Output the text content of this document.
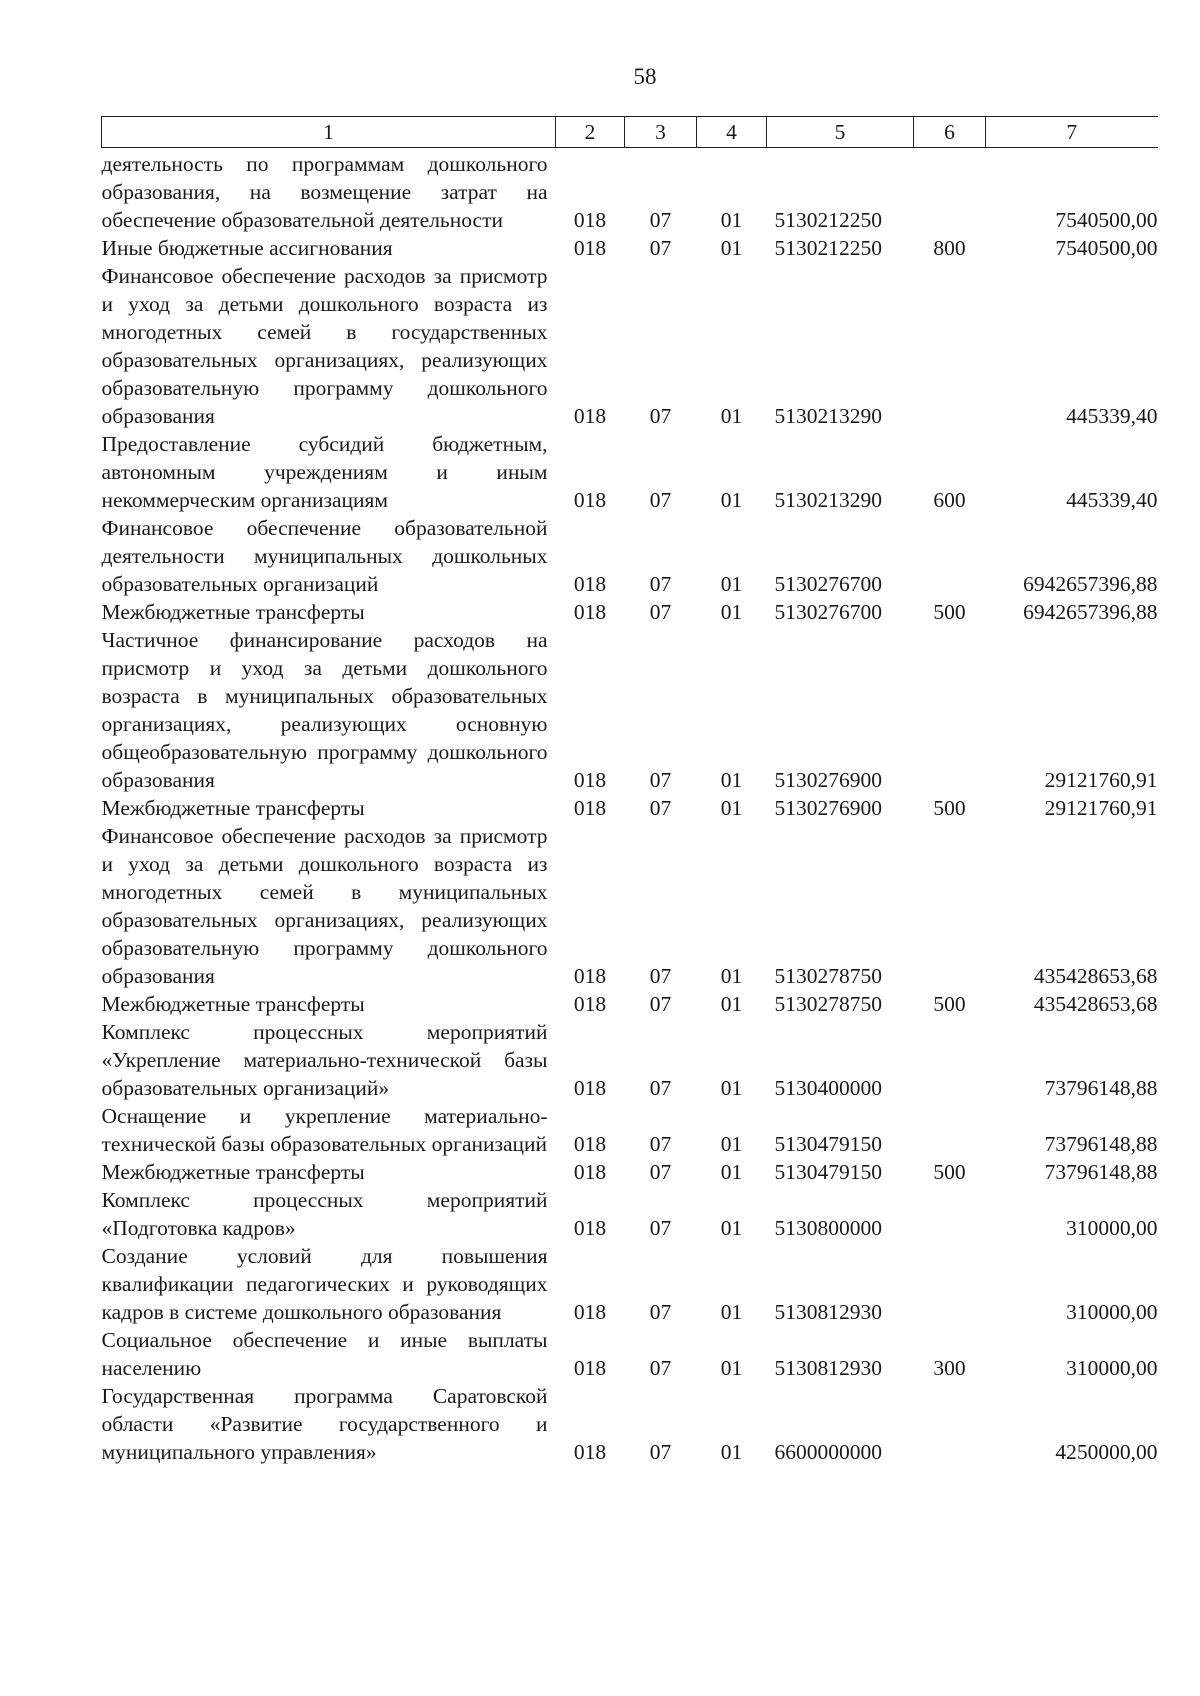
58
1	2	3	4	5	6	7
деятельность по программам дошкольного образования, на возмещение затрат на обеспечение образовательной деятельности	018	07	01	5130212250		7540500,00
Иные бюджетные ассигнования	018	07	01	5130212250	800	7540500,00
Финансовое обеспечение расходов за присмотр и уход за детьми дошкольного возраста из многодетных семей в государственных образовательных организациях, реализующих образовательную программу дошкольного образования	018	07	01	5130213290		445339,40
Предоставление субсидий бюджетным, автономным учреждениям и иным некоммерческим организациям	018	07	01	5130213290	600	445339,40
Финансовое обеспечение образовательной деятельности муниципальных дошкольных образовательных организаций	018	07	01	5130276700		6942657396,88
Межбюджетные трансферты	018	07	01	5130276700	500	6942657396,88
Частичное финансирование расходов на присмотр и уход за детьми дошкольного возраста в муниципальных образовательных организациях, реализующих основную общеобразовательную программу дошкольного образования	018	07	01	5130276900		29121760,91
Межбюджетные трансферты	018	07	01	5130276900	500	29121760,91
Финансовое обеспечение расходов за присмотр и уход за детьми дошкольного возраста из многодетных семей в муниципальных образовательных организациях, реализующих образовательную программу дошкольного образования	018	07	01	5130278750		435428653,68
Межбюджетные трансферты	018	07	01	5130278750	500	435428653,68
Комплекс процессных мероприятий «Укрепление материально-технической базы образовательных организаций»	018	07	01	5130400000		73796148,88
Оснащение и укрепление материально-технической базы образовательных организаций	018	07	01	5130479150		73796148,88
Межбюджетные трансферты	018	07	01	5130479150	500	73796148,88
Комплекс процессных мероприятий «Подготовка кадров»	018	07	01	5130800000		310000,00
Создание условий для повышения квалификации педагогических и руководящих кадров в системе дошкольного образования	018	07	01	5130812930		310000,00
Социальное обеспечение и иные выплаты населению	018	07	01	5130812930	300	310000,00
Государственная программа Саратовской области «Развитие государственного и муниципального управления»	018	07	01	6600000000		4250000,00
